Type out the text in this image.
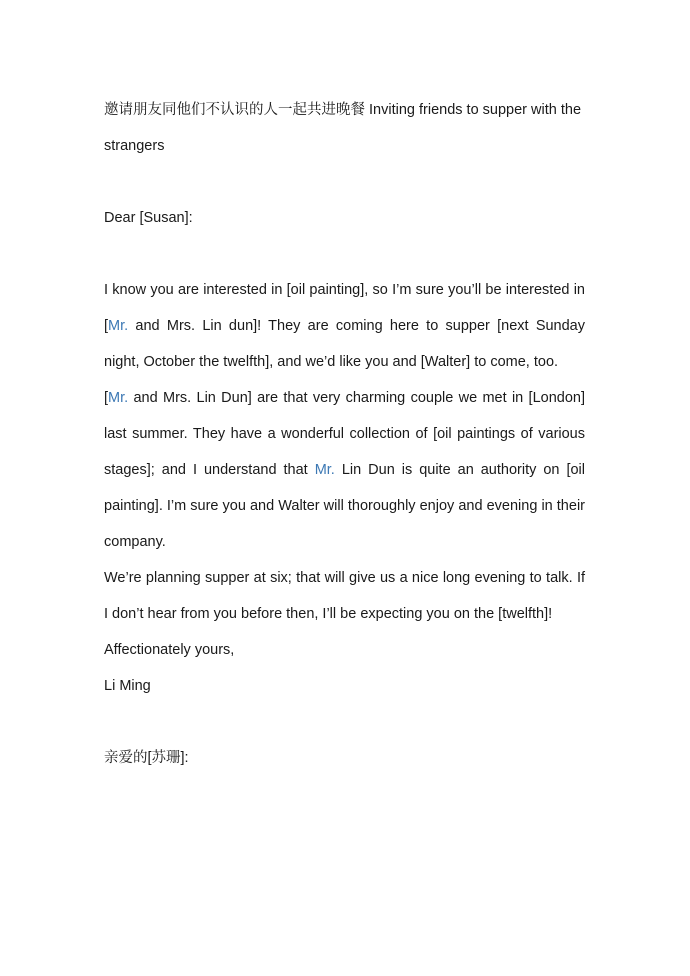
邀请朋友同他们不认识的人一起共进晚餐 Inviting friends to supper with the strangers

Dear [Susan]:

I know you are interested in [oil painting], so I’m sure you’ll be interested in [Mr. and Mrs. Lin dun]! They are coming here to supper [next Sunday night, October the twelfth], and we’d like you and [Walter] to come, too.

[Mr. and Mrs. Lin Dun] are that very charming couple we met in [London] last summer. They have a wonderful collection of [oil paintings of various stages]; and I understand that Mr. Lin Dun is quite an authority on [oil painting]. I’m sure you and Walter will thoroughly enjoy and evening in their company.

We’re planning supper at six; that will give us a nice long evening to talk. If I don’t hear from you before then, I’ll be expecting you on the [twelfth]!

Affectionately yours,

Li Ming

亲爱的[苏珊]:
